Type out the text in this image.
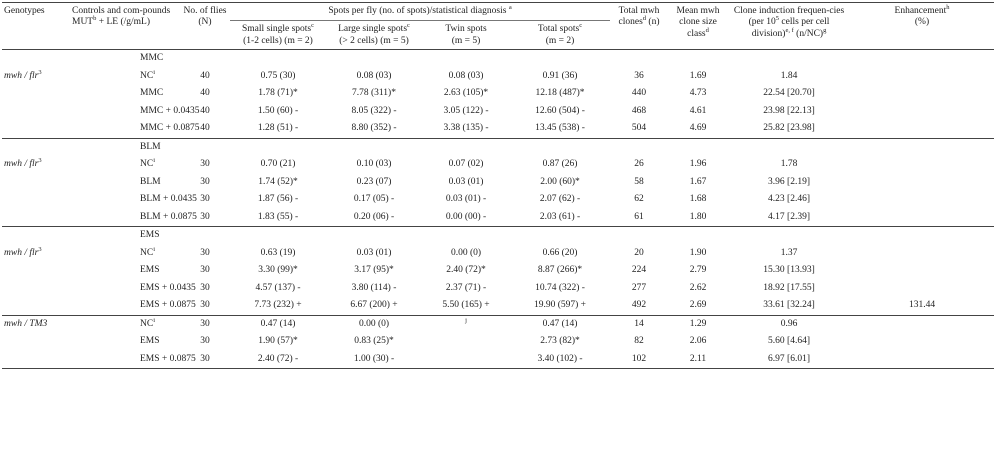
Genotypes	Controls and com-pounds $MUT^b$ + LE (/g/mL)	No. of flies (N)	Spots per fly (no. of spots)/statistical diagnosis $^a$				Total mwh clones$^d$ (n)	Mean mwh clone size class$^d$	Clone induction frequen-cies (per $10^5$ cells per cell division)$^{e, f}$ $(n/NC)^g$	Enhancement$^h$
(%)
			Small single spots$^c$
(1-2 cells) (m = 2)	Large single spots$^c$
(> 2 cells) (m = 5)	Twin spots
(m = 5)	Total spots$^c$
(m = 2)				
	MMC									
mwh / flr$^3$	$NC^i$	40	0.75 (30)	0.08 (03)	0.08 (03)	0.91 (36)	36	1.69	1.84	
	MMC	40	1.78 (71)*	7.78 (311)*	2.63 (105)*	12.18 (487)*	440	4.73	22.54 [20.70]	
	MMC + 0.0435	40	1.50 (60) -	8.05 (322) -	3.05 (122) -	12.60 (504) -	468	4.61	23.98 [22.13]	
	MMC + 0.0875	40	1.28 (51) -	8.80 (352) -	3.38 (135) -	13.45 (538) -	504	4.69	25.82 [23.98]	
	BLM									
mwh / flr$^3$	$NC^i$	30	0.70 (21)	0.10 (03)	0.07 (02)	0.87 (26)	26	1.96	1.78	
	BLM	30	1.74 (52)*	0.23 (07)	0.03 (01)	2.00 (60)*	58	1.67	3.96 [2.19]	
	BLM + 0.0435	30	1.87 (56) -	0.17 (05) -	0.03 (01) -	2.07 (62) -	62	1.68	4.23 [2.46]	
	BLM + 0.0875	30	1.83 (55) -	0.20 (06) -	0.00 (00) -	2.03 (61) -	61	1.80	4.17 [2.39]	
	EMS									
mwh / flr$^3$	$NC^i$	30	0.63 (19)	0.03 (01)	0.00 (0)	0.66 (20)	20	1.90	1.37	
	EMS	30	3.30 (99)*	3.17 (95)*	2.40 (72)*	8.87 (266)*	224	2.79	15.30 [13.93]	
	EMS + 0.0435	30	4.57 (137) -	3.80 (114) -	2.37 (71) -	10.74 (322) -	277	2.62	18.92 [17.55]	
	EMS + 0.0875	30	7.73 (232) +	6.67 (200) +	5.50 (165) +	19.90 (597) +	492	2.69	33.61 [32.24]	131.44
mwh / TM3	$NC^i$	30	0.47 (14)	0.00 (0)	$^j$	0.47 (14)	14	1.29	0.96	
	EMS	30	1.90 (57)*	0.83 (25)*		2.73 (82)*	82	2.06	5.60 [4.64]	
	EMS + 0.0875	30	2.40 (72) -	1.00 (30) -		3.40 (102) -	102	2.11	6.97 [6.01]	
